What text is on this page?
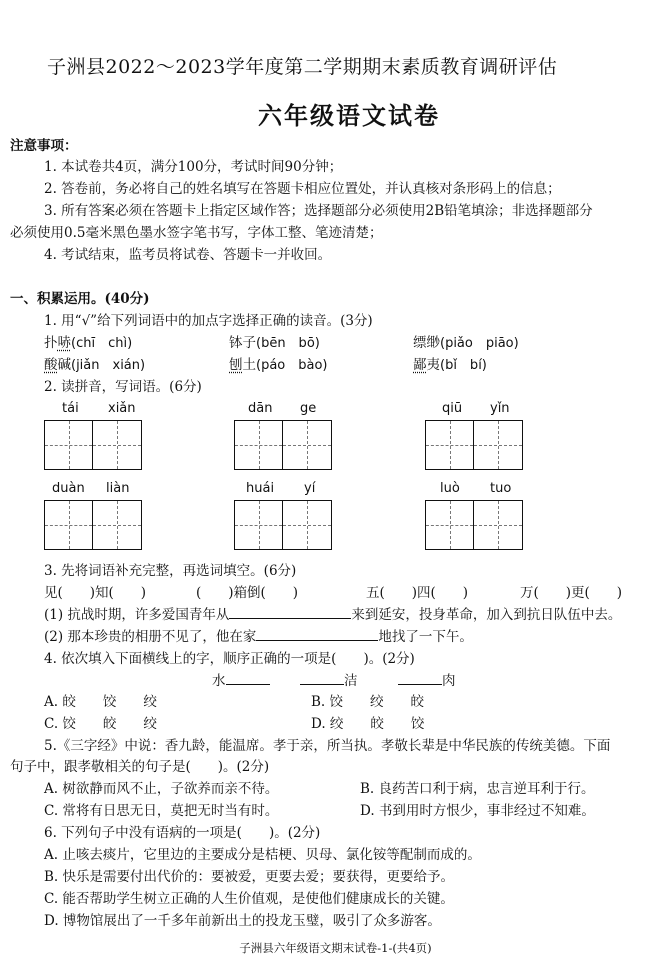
子洲县2022～2023学年度第二学期期末素质教育调研评估
六年级语文试卷
注意事项：
1. 本试卷共4页，满分100分，考试时间90分钟；
2. 答卷前，务必将自己的姓名填写在答题卡相应位置处，并认真核对条形码上的信息；
3. 所有答案必须在答题卡上指定区域作答；选择题部分必须使用2B铅笔填涂；非选择题部分
必须使用0.5毫米黑色墨水签字笔书写，字体工整、笔迹清楚；
4. 考试结束，监考员将试卷、答题卡一并收回。
一、积累运用。(40分)
1. 用“√”给下列词语中的加点字选择正确的读音。(3分)
扑哧(chī　chì)	钵子(bēn　bō)	缥缈(piǎo　piāo)
酸碱(jiǎn　xián)	刨土(páo　bào)	鄙夷(bǐ　bí)
2. 读拼音，写词语。(6分)
tái xiǎn	dān ge	qiū yǐn
duàn liàn	huái yí	luò tuo
3. 先将词语补充完整，再选词填空。(6分)
见(　　)知(　　)	(　　)箱倒(　　)	五(　　)四(　　)	万(　　)更(　　)
(1) 抗战时期，许多爱国青年从	来到延安，投身革命，加入到抗日队伍中去。
(2) 那本珍贵的相册不见了，他在家	地找了一下午。
4. 依次填入下面横线上的字，顺序正确的一项是(　　)。(2分)
水	洁	肉
A. 皎　　饺　　绞	B. 饺　　绞　　皎
C. 饺　　皎　　绞	D. 绞　　皎　　饺
5.《三字经》中说：香九龄，能温席。孝于亲，所当执。孝敬长辈是中华民族的传统美德。下面
句子中，跟孝敬相关的句子是(　　)。(2分)
A. 树欲静而风不止，子欲养而亲不待。	B. 良药苦口利于病，忠言逆耳利于行。
C. 常将有日思无日，莫把无时当有时。	D. 书到用时方恨少，事非经过不知难。
6. 下列句子中没有语病的一项是(　　)。(2分)
A. 止咳去痰片，它里边的主要成分是桔梗、贝母、氯化铵等配制而成的。
B. 快乐是需要付出代价的：要被爱，更要去爱；要获得，更要给予。
C. 能否帮助学生树立正确的人生价值观，是使他们健康成长的关键。
D. 博物馆展出了一千多年前新出土的投龙玉璧，吸引了众多游客。
子洲县六年级语文期末试卷-1-(共4页)
